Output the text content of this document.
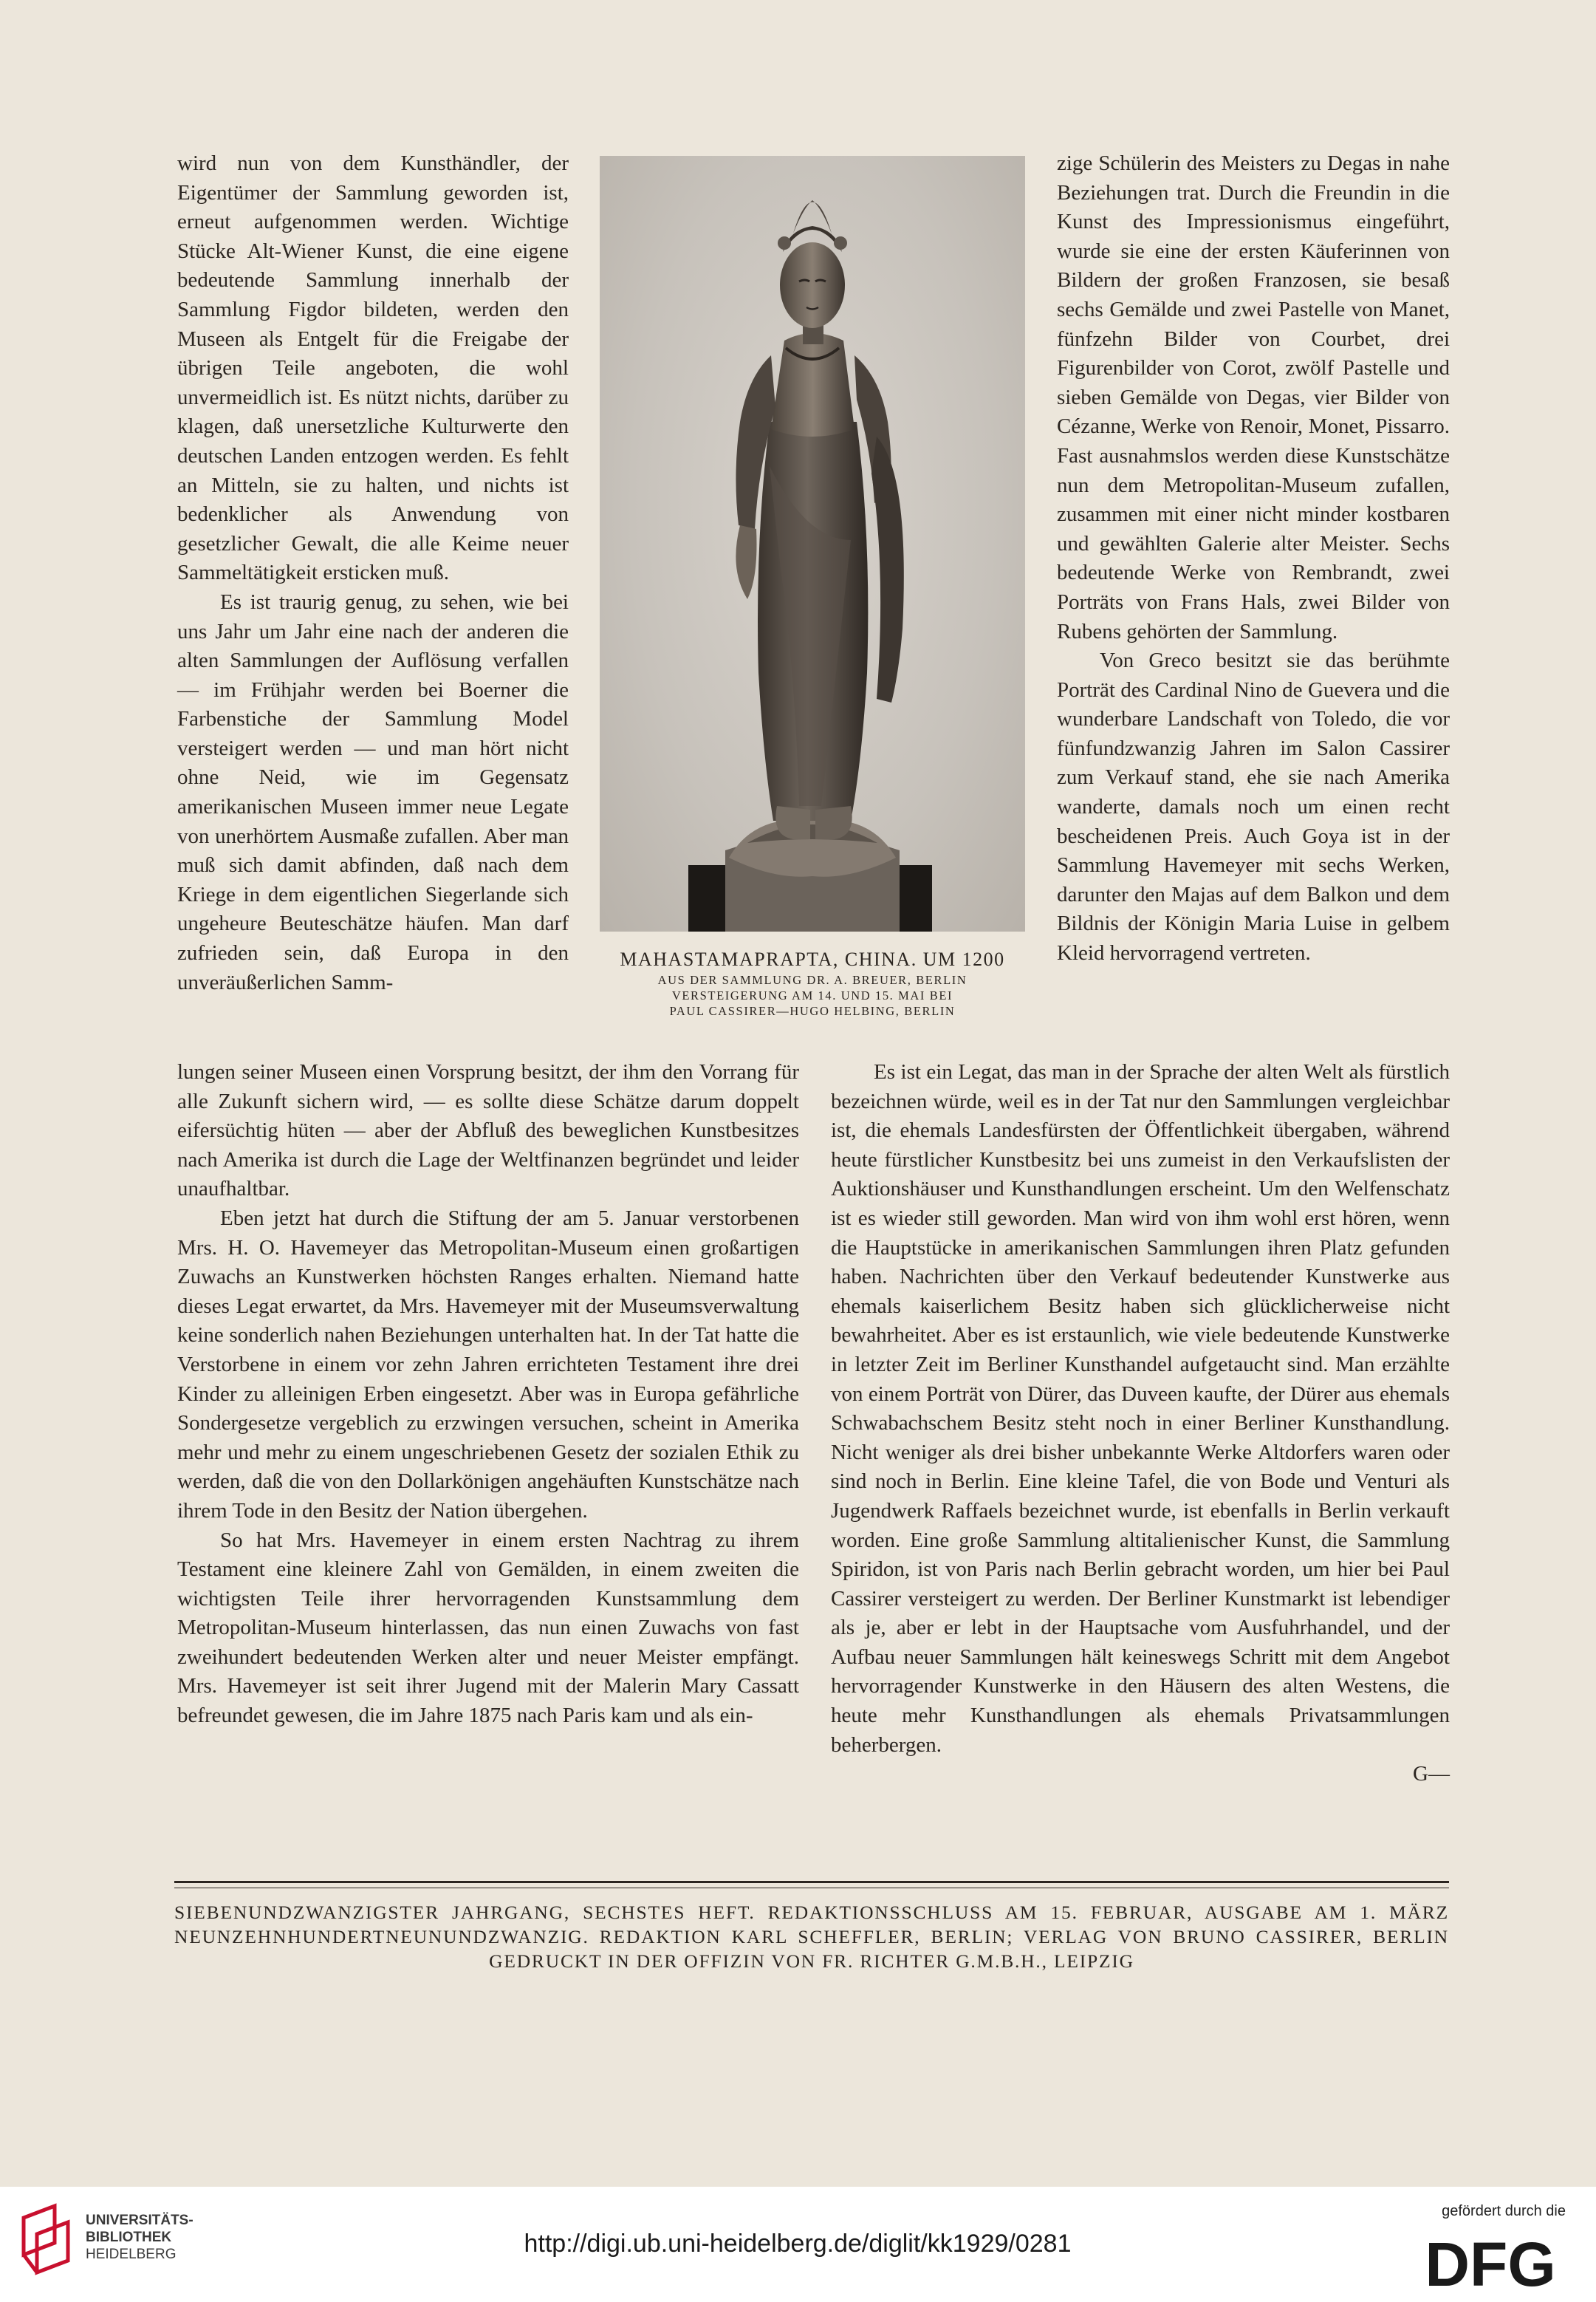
wird nun von dem Kunsthändler, der Eigentümer der Sammlung geworden ist, erneut aufgenommen werden. Wichtige Stücke Alt-Wiener Kunst, die eine eigene bedeutende Sammlung innerhalb der Sammlung Figdor bildeten, werden den Museen als Entgelt für die Freigabe der übrigen Teile angeboten, die wohl unvermeidlich ist. Es nützt nichts, darüber zu klagen, daß unersetzliche Kulturwerte den deutschen Landen entzogen werden. Es fehlt an Mitteln, sie zu halten, und nichts ist bedenklicher als Anwendung von gesetzlicher Gewalt, die alle Keime neuer Sammeltätigkeit ersticken muß.

Es ist traurig genug, zu sehen, wie bei uns Jahr um Jahr eine nach der anderen die alten Sammlungen der Auflösung verfallen — im Frühjahr werden bei Boerner die Farbenstiche der Sammlung Model versteigert werden — und man hört nicht ohne Neid, wie im Gegensatz amerikanischen Museen immer neue Legate von unerhörtem Ausmaße zufallen. Aber man muß sich damit abfinden, daß nach dem Kriege in dem eigentlichen Siegerlande sich ungeheure Beuteschätze häufen. Man darf zufrieden sein, daß Europa in den unveräußerlichen Samm-

MAHASTAMAPRAPTA, CHINA. UM 1200
AUS DER SAMMLUNG DR. A. BREUER, BERLIN
VERSTEIGERUNG AM 14. UND 15. MAI BEI
PAUL CASSIRER—HUGO HELBING, BERLIN

zige Schülerin des Meisters zu Degas in nahe Beziehungen trat. Durch die Freundin in die Kunst des Impressionismus eingeführt, wurde sie eine der ersten Käuferinnen von Bildern der großen Franzosen, sie besaß sechs Gemälde und zwei Pastelle von Manet, fünfzehn Bilder von Courbet, drei Figurenbilder von Corot, zwölf Pastelle und sieben Gemälde von Degas, vier Bilder von Cézanne, Werke von Renoir, Monet, Pissarro. Fast ausnahmslos werden diese Kunstschätze nun dem Metropolitan-Museum zufallen, zusammen mit einer nicht minder kostbaren und gewählten Galerie alter Meister. Sechs bedeutende Werke von Rembrandt, zwei Porträts von Frans Hals, zwei Bilder von Rubens gehörten der Sammlung.

Von Greco besitzt sie das berühmte Porträt des Cardinal Nino de Guevera und die wunderbare Landschaft von Toledo, die vor fünfundzwanzig Jahren im Salon Cassirer zum Verkauf stand, ehe sie nach Amerika wanderte, damals noch um einen recht bescheidenen Preis. Auch Goya ist in der Sammlung Havemeyer mit sechs Werken, darunter den Majas auf dem Balkon und dem Bildnis der Königin Maria Luise in gelbem Kleid hervorragend vertreten.

lungen seiner Museen einen Vorsprung besitzt, der ihm den Vorrang für alle Zukunft sichern wird, — es sollte diese Schätze darum doppelt eifersüchtig hüten — aber der Abfluß des beweglichen Kunstbesitzes nach Amerika ist durch die Lage der Weltfinanzen begründet und leider unaufhaltbar.

Eben jetzt hat durch die Stiftung der am 5. Januar verstorbenen Mrs. H. O. Havemeyer das Metropolitan-Museum einen großartigen Zuwachs an Kunstwerken höchsten Ranges erhalten. Niemand hatte dieses Legat erwartet, da Mrs. Havemeyer mit der Museumsverwaltung keine sonderlich nahen Beziehungen unterhalten hat. In der Tat hatte die Verstorbene in einem vor zehn Jahren errichteten Testament ihre drei Kinder zu alleinigen Erben eingesetzt. Aber was in Europa gefährliche Sondergesetze vergeblich zu erzwingen versuchen, scheint in Amerika mehr und mehr zu einem ungeschriebenen Gesetz der sozialen Ethik zu werden, daß die von den Dollarkönigen angehäuften Kunstschätze nach ihrem Tode in den Besitz der Nation übergehen.

So hat Mrs. Havemeyer in einem ersten Nachtrag zu ihrem Testament eine kleinere Zahl von Gemälden, in einem zweiten die wichtigsten Teile ihrer hervorragenden Kunstsammlung dem Metropolitan-Museum hinterlassen, das nun einen Zuwachs von fast zweihundert bedeutenden Werken alter und neuer Meister empfängt. Mrs. Havemeyer ist seit ihrer Jugend mit der Malerin Mary Cassatt befreundet gewesen, die im Jahre 1875 nach Paris kam und als ein-

Es ist ein Legat, das man in der Sprache der alten Welt als fürstlich bezeichnen würde, weil es in der Tat nur den Sammlungen vergleichbar ist, die ehemals Landesfürsten der Öffentlichkeit übergaben, während heute fürstlicher Kunstbesitz bei uns zumeist in den Verkaufslisten der Auktionshäuser und Kunsthandlungen erscheint. Um den Welfenschatz ist es wieder still geworden. Man wird von ihm wohl erst hören, wenn die Hauptstücke in amerikanischen Sammlungen ihren Platz gefunden haben. Nachrichten über den Verkauf bedeutender Kunstwerke aus ehemals kaiserlichem Besitz haben sich glücklicherweise nicht bewahrheitet. Aber es ist erstaunlich, wie viele bedeutende Kunstwerke in letzter Zeit im Berliner Kunsthandel aufgetaucht sind. Man erzählte von einem Porträt von Dürer, das Duveen kaufte, der Dürer aus ehemals Schwabachschem Besitz steht noch in einer Berliner Kunsthandlung. Nicht weniger als drei bisher unbekannte Werke Altdorfers waren oder sind noch in Berlin. Eine kleine Tafel, die von Bode und Venturi als Jugendwerk Raffaels bezeichnet wurde, ist ebenfalls in Berlin verkauft worden. Eine große Sammlung altitalienischer Kunst, die Sammlung Spiridon, ist von Paris nach Berlin gebracht worden, um hier bei Paul Cassirer versteigert zu werden. Der Berliner Kunstmarkt ist lebendiger als je, aber er lebt in der Hauptsache vom Ausfuhrhandel, und der Aufbau neuer Sammlungen hält keineswegs Schritt mit dem Angebot hervorragender Kunstwerke in den Häusern des alten Westens, die heute mehr Kunsthandlungen als ehemals Privatsammlungen beherbergen.

G—

SIEBENUNDZWANZIGSTER JAHRGANG, SECHSTES HEFT. REDAKTIONSSCHLUSS AM 15. FEBRUAR, AUSGABE AM 1. MÄRZ
NEUNZEHNHUNDERTNEUNUNDZWANZIG. REDAKTION KARL SCHEFFLER, BERLIN; VERLAG VON BRUNO CASSIRER, BERLIN
GEDRUCKT IN DER OFFIZIN VON FR. RICHTER G.M.B.H., LEIPZIG
UNIVERSITÄTS-
BIBLIOTHEK
HEIDELBERG	http://digi.ub.uni-heidelberg.de/diglit/kk1929/0281
gefördert durch die
DFG
